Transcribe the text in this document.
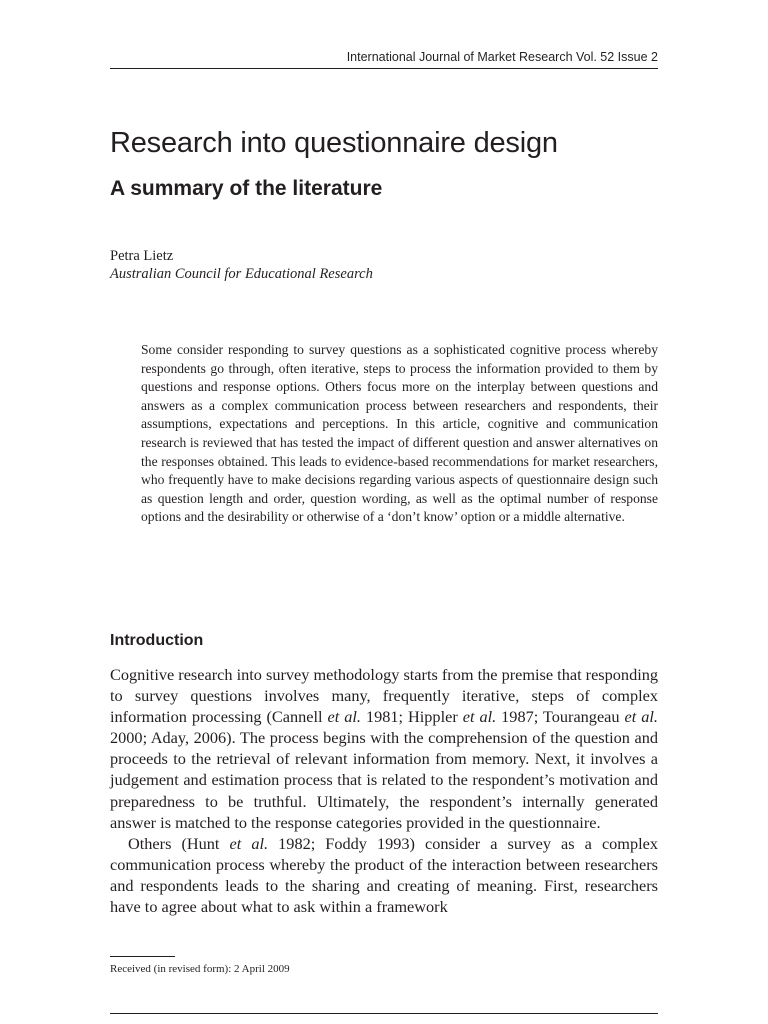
International Journal of Market Research Vol. 52 Issue 2
Research into questionnaire design
A summary of the literature
Petra Lietz
Australian Council for Educational Research

Some consider responding to survey questions as a sophisticated cognitive process whereby respondents go through, often iterative, steps to process the information provided to them by questions and response options. Others focus more on the interplay between questions and answers as a complex communication process between researchers and respondents, their assumptions, expectations and perceptions. In this article, cognitive and communication research is reviewed that has tested the impact of different question and answer alternatives on the responses obtained. This leads to evidence-based recommendations for market researchers, who frequently have to make decisions regarding various aspects of questionnaire design such as question length and order, question wording, as well as the optimal number of response options and the desirability or otherwise of a ‘don’t know’ option or a middle alternative.

Introduction

Cognitive research into survey methodology starts from the premise that responding to survey questions involves many, frequently iterative, steps of complex information processing (Cannell et al. 1981; Hippler et al. 1987; Tourangeau et al. 2000; Aday, 2006). The process begins with the comprehension of the question and proceeds to the retrieval of relevant information from memory. Next, it involves a judgement and estimation process that is related to the respondent’s motivation and preparedness to be truthful. Ultimately, the respondent’s internally generated answer is matched to the response categories provided in the questionnaire.

Others (Hunt et al. 1982; Foddy 1993) consider a survey as a complex communication process whereby the product of the interaction between researchers and respondents leads to the sharing and creating of meaning. First, researchers have to agree about what to ask within a framework

Received (in revised form): 2 April 2009
